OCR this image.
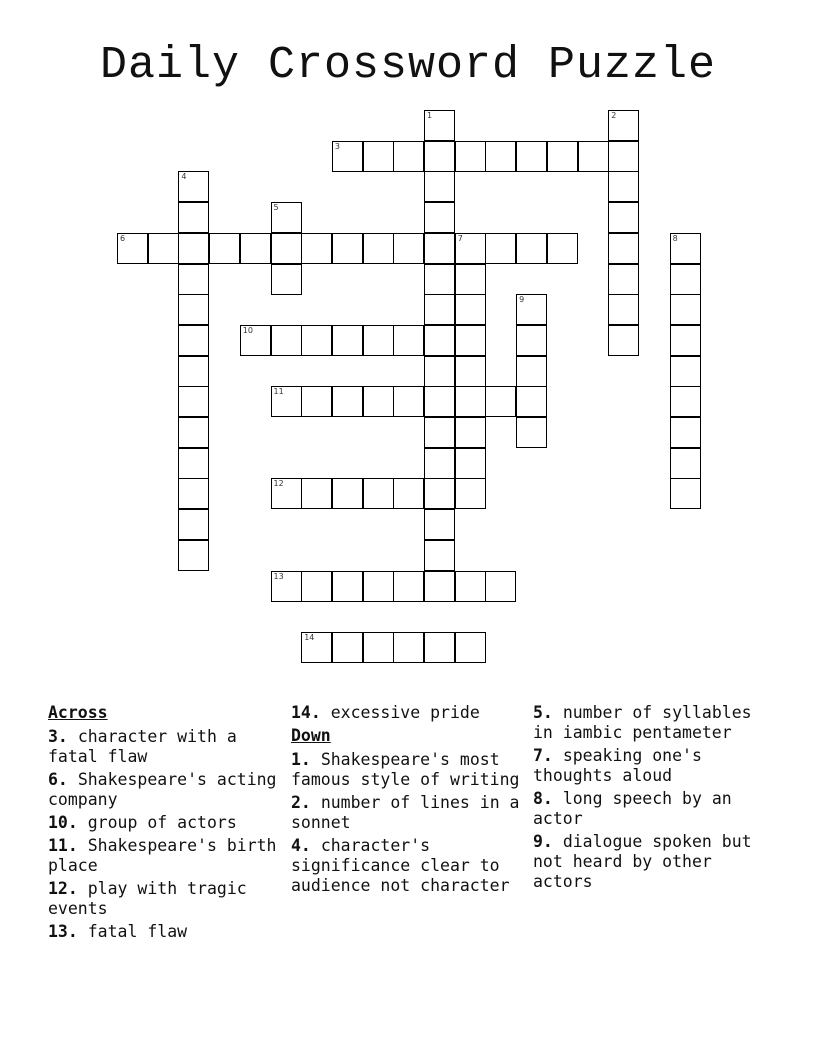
Daily Crossword Puzzle
1	2
3
4
5
6	7	8
9
10
11
12
13
14
Across
3. character with a fatal flaw
6. Shakespeare's acting company
10. group of actors
11. Shakespeare's birth place
12. play with tragic events
13. fatal flaw
14. excessive pride
Down
1. Shakespeare's most famous style of writing
2. number of lines in a sonnet
4. character's significance clear to audience not character
5. number of syllables in iambic pentameter
7. speaking one's thoughts aloud
8. long speech by an actor
9. dialogue spoken but not heard by other actors
